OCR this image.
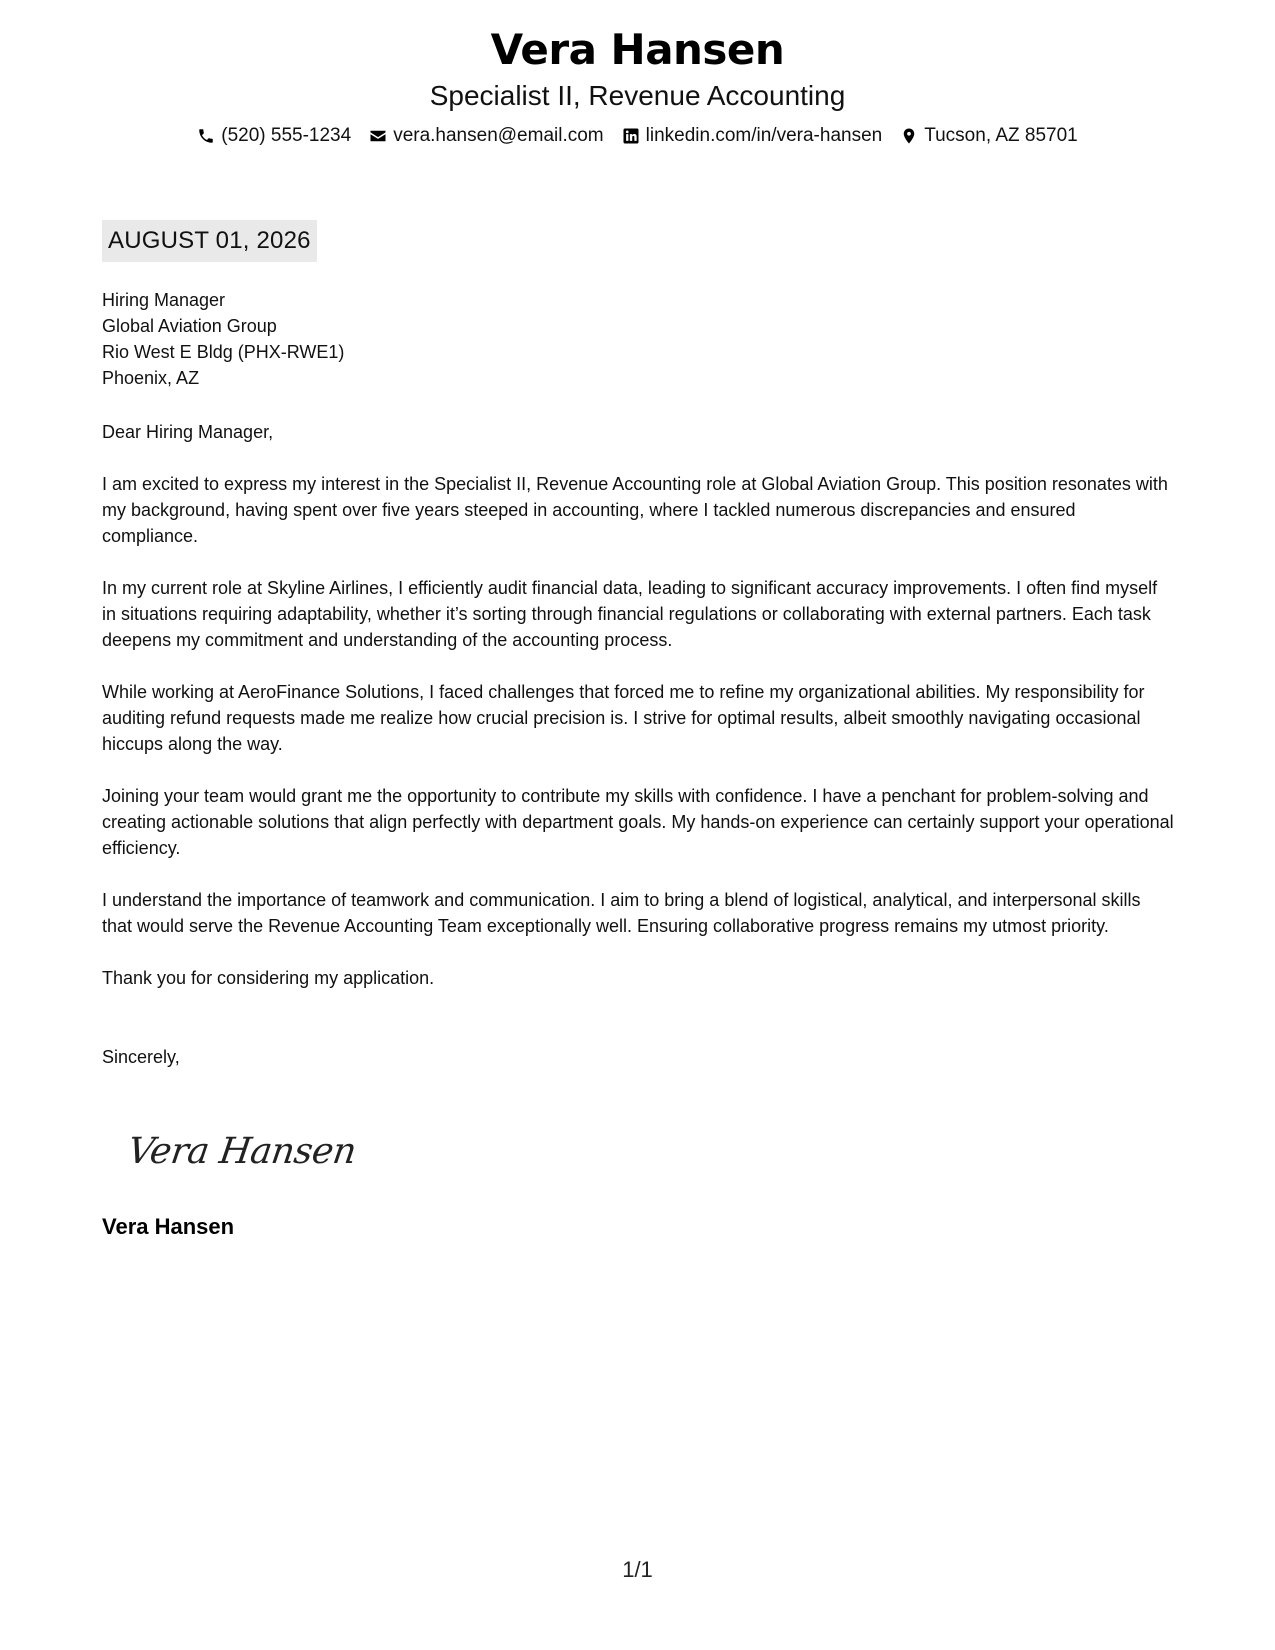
Vera Hansen
Specialist II, Revenue Accounting
(520) 555-1234 vera.hansen@email.com linkedin.com/in/vera-hansen Tucson, AZ 85701
AUGUST 01, 2026
Hiring Manager
Global Aviation Group
Rio West E Bldg (PHX-RWE1)
Phoenix, AZ
Dear Hiring Manager,

I am excited to express my interest in the Specialist II, Revenue Accounting role at Global Aviation Group. This position resonates with my background, having spent over five years steeped in accounting, where I tackled numerous discrepancies and ensured compliance.

In my current role at Skyline Airlines, I efficiently audit financial data, leading to significant accuracy improvements. I often find myself in situations requiring adaptability, whether it’s sorting through financial regulations or collaborating with external partners. Each task deepens my commitment and understanding of the accounting process.

While working at AeroFinance Solutions, I faced challenges that forced me to refine my organizational abilities. My responsibility for auditing refund requests made me realize how crucial precision is. I strive for optimal results, albeit smoothly navigating occasional hiccups along the way.

Joining your team would grant me the opportunity to contribute my skills with confidence. I have a penchant for problem-solving and creating actionable solutions that align perfectly with department goals. My hands-on experience can certainly support your operational efficiency.

I understand the importance of teamwork and communication. I aim to bring a blend of logistical, analytical, and interpersonal skills that would serve the Revenue Accounting Team exceptionally well. Ensuring collaborative progress remains my utmost priority.

Thank you for considering my application.
Sincerely,
Vera Hansen
Vera Hansen
1/1
